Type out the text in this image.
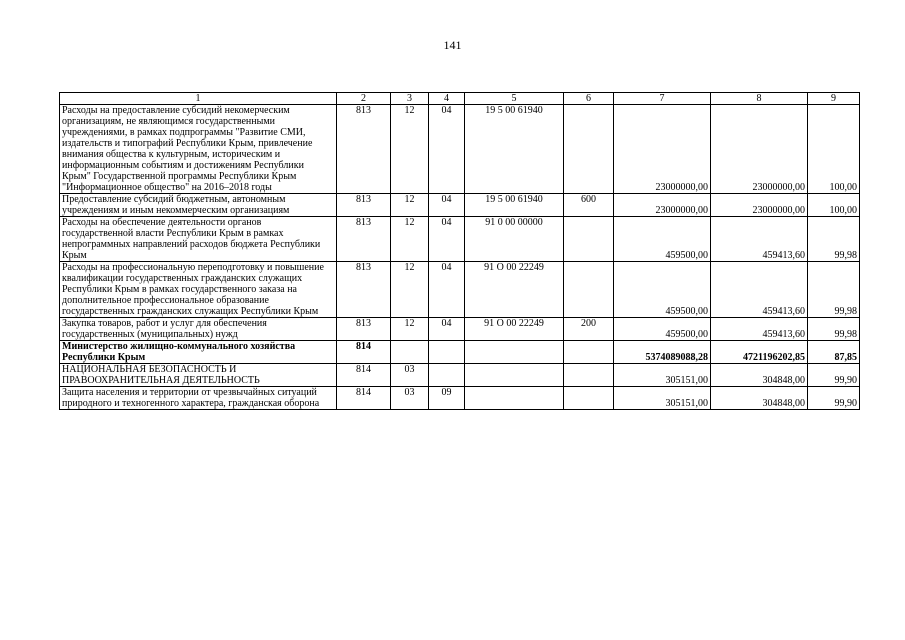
141
1	2	3	4	5	6	7	8	9
Расходы на предоставление субсидий некомерческим организациям, не являющимся государственными учреждениями, в рамках подпрограммы "Развитие СМИ, издательств и типографий Республики Крым, привлечение внимания общества к культурным, историческим и информационным событиям и достижениям Республики Крым" Государственной программы Республики Крым "Информационное общество" на 2016–2018 годы	813	12	04	19 5 00 61940		23000000,00	23000000,00	100,00
Предоставление субсидий бюджетным, автономным учреждениям и иным некоммерческим организациям	813	12	04	19 5 00 61940	600	23000000,00	23000000,00	100,00
Расходы на обеспечение деятельности органов государственной власти Республики Крым в рамках непрограммных направлений расходов бюджета Республики Крым	813	12	04	91 0 00 00000		459500,00	459413,60	99,98
Расходы на профессиональную переподготовку и повышение квалификации государственных гражданских служащих Республики Крым в рамках государственного заказа на дополнительное профессиональное образование государственных гражданских служащих Республики Крым	813	12	04	91 О 00 22249		459500,00	459413,60	99,98
Закупка товаров, работ и услуг для обеспечения государственных (муниципальных) нужд	813	12	04	91 О 00 22249	200	459500,00	459413,60	99,98
Министерство жилищно-коммунального хозяйства Республики Крым	814					5374089088,28	4721196202,85	87,85
НАЦИОНАЛЬНАЯ БЕЗОПАСНОСТЬ И ПРАВООХРАНИТЕЛЬНАЯ ДЕЯТЕЛЬНОСТЬ	814	03				305151,00	304848,00	99,90
Защита населения и территории от чрезвычайных ситуаций природного и техногенного характера, гражданская оборона	814	03	09			305151,00	304848,00	99,90
